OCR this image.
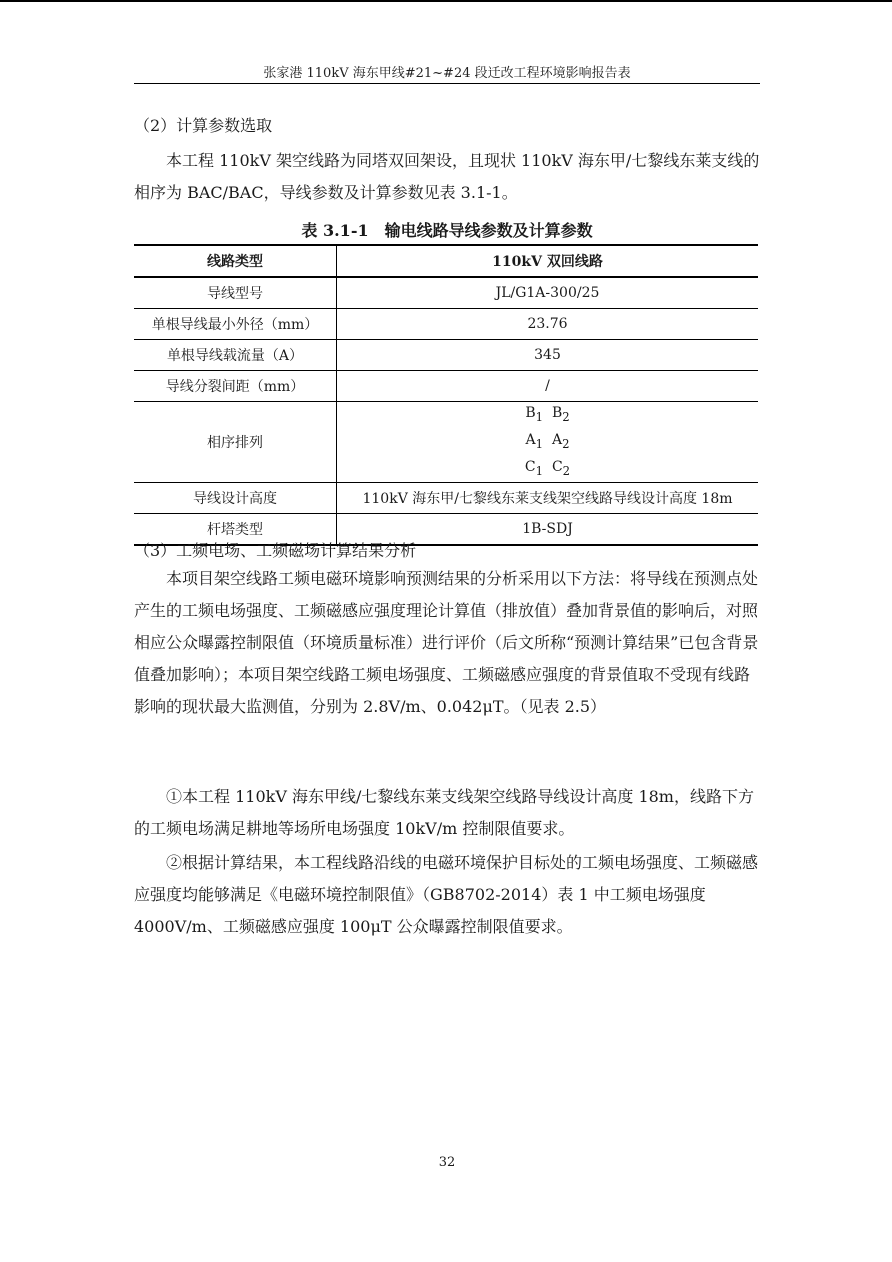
张家港 110kV 海东甲线#21~#24 段迁改工程环境影响报告表
（2）计算参数选取
本工程 110kV 架空线路为同塔双回架设，且现状 110kV 海东甲/七黎线东莱支线的相序为 BAC/BAC，导线参数及计算参数见表 3.1-1。
表 3.1-1　输电线路导线参数及计算参数
线路类型	110kV 双回线路
导线型号	JL/G1A-300/25
单根导线最小外径（mm）	23.76
单根导线载流量（A）	345
导线分裂间距（mm）	/
相序排列	$B_1$ $B_2$
$A_1$ $A_2$
$C_1$ $C_2$

导线设计高度	110kV 海东甲/七黎线东莱支线架空线路导线设计高度 18m
杆塔类型	1B-SDJ
（3）工频电场、工频磁场计算结果分析
本项目架空线路工频电磁环境影响预测结果的分析采用以下方法：将导线在预测点处产生的工频电场强度、工频磁感应强度理论计算值（排放值）叠加背景值的影响后，对照相应公众曝露控制限值（环境质量标准）进行评价（后文所称“预测计算结果”已包含背景值叠加影响）；本项目架空线路工频电场强度、工频磁感应强度的背景值取不受现有线路影响的现状最大监测值，分别为 2.8V/m、0.042μT。（见表 2.5）
①本工程 110kV 海东甲线/七黎线东莱支线架空线路导线设计高度 18m，线路下方的工频电场满足耕地等场所电场强度 10kV/m 控制限值要求。
②根据计算结果，本工程线路沿线的电磁环境保护目标处的工频电场强度、工频磁感应强度均能够满足《电磁环境控制限值》（GB8702-2014）表 1 中工频电场强度 4000V/m、工频磁感应强度 100μT 公众曝露控制限值要求。
32
